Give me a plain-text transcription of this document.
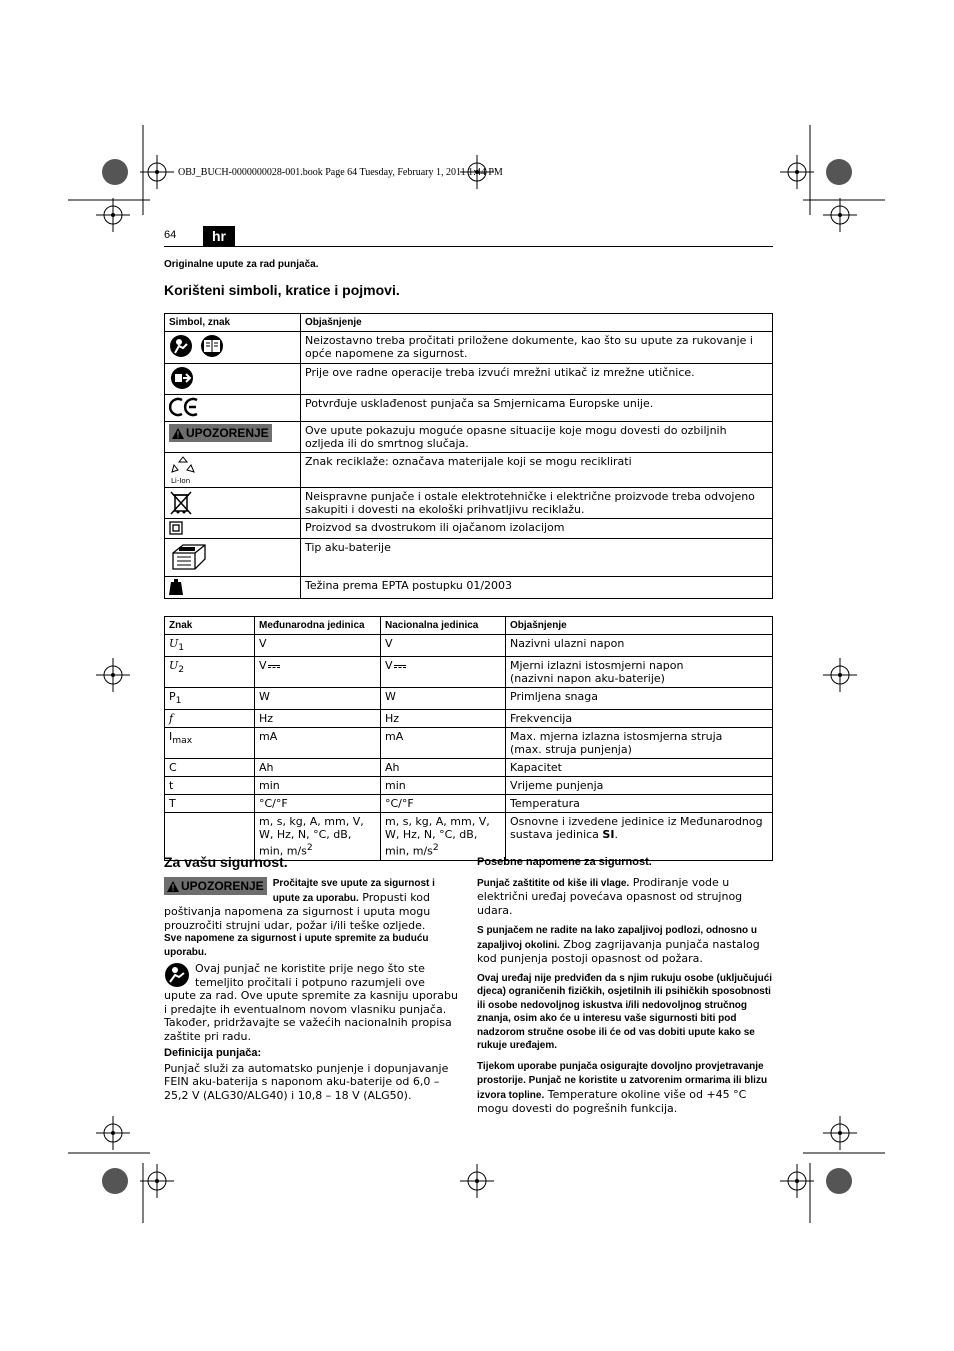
OBJ_BUCH-0000000028-001.book Page 64 Tuesday, February 1, 2011 1:44 PM
64	hr
Originalne upute za rad punjača.
Korišteni simboli, kratice i pojmovi.
Simbol, znak	Objašnjenje

	Neizostavno treba pročitati priložene dokumente, kao što su upute za rukovanje i opće napomene za sigurnost.

	Prije ove radne operacije treba izvući mrežni utikač iz mrežne utičnice.

	Potvrđuje usklađenost punjača sa Smjernicama Europske unije.

UPOZORENJE	Ove upute pokazuju moguće opasne situacije koje mogu dovesti do ozbiljnih ozljeda ili do smrtnog slučaja.

Li-Ion	Znak reciklaže: označava materijale koji se mogu reciklirati

	Neispravne punjače i ostale elektrotehničke i električne proizvode treba odvojeno sakupiti i dovesti na ekološki prihvatljivu reciklažu.

	Proizvod sa dvostrukom ili ojačanom izolacijom

	Tip aku-baterije

	Težina prema EPTA postupku 01/2003
Znak	Međunarodna jedinica	Nacionalna jedinica	Objašnjenje
$U_1$	V	V	Nazivni ulazni napon
$U_2$	V	V	Mjerni izlazni istosmjerni napon
(nazivni napon aku-baterije)

$P_1$	W	W	Primljena snaga
f	Hz	Hz	Frekvencija
$I_{max}$	mA	mA	Max. mjerna izlazna istosmjerna struja
(max. struja punjenja)

C	Ah	Ah	Kapacitet
t	min	min	Vrijeme punjenja
T	°C/°F	°C/°F	Temperatura
	m, s, kg, A, mm, V, W, Hz, N, °C, dB, min, $m/s^2$	m, s, kg, A, mm, V, W, Hz, N, °C, dB, min, $m/s^2$	Osnovne i izvedene jedinice iz Međunarodnog sustava jedinica SI.
Za vašu sigurnost.
UPOZORENJE Pročitajte sve upute za sigurnost i upute za uporabu. Propusti kod poštivanja napomena za sigurnost i uputa mogu prouzročiti strujni udar, požar i/ili teške ozljede.

Sve napomene za sigurnost i upute spremite za buduću uporabu.

Ovaj punjač ne koristite prije nego što ste temeljito pročitali i potpuno razumjeli ove upute za rad. Ove upute spremite za kasniju uporabu i predajte ih eventualnom novom vlasniku punjača.

Također, pridržavajte se važećih nacionalnih propisa zaštite pri radu.

Definicija punjača:

Punjač služi za automatsko punjenje i dopunjavanje FEIN aku-baterija s naponom aku-baterije od 6,0 – 25,2 V (ALG30/ALG40) i 10,8 – 18 V (ALG50).

Posebne napomene za sigurnost.

Punjač zaštitite od kiše ili vlage. Prodiranje vode u električni uređaj povećava opasnost od strujnog udara.

S punjačem ne radite na lako zapaljivoj podlozi, odnosno u zapaljivoj okolini. Zbog zagrijavanja punjača nastalog kod punjenja postoji opasnost od požara.

Ovaj uređaj nije predviđen da s njim rukuju osobe (uključujući djeca) ograničenih fizičkih, osjetilnih ili psihičkih sposobnosti ili osobe nedovoljnog iskustva i/ili nedovoljnog stručnog znanja, osim ako će u interesu vaše sigurnosti biti pod nadzorom stručne osobe ili će od vas dobiti upute kako se rukuje uređajem.

Tijekom uporabe punjača osigurajte dovoljno provjetravanje prostorije. Punjač ne koristite u zatvorenim ormarima ili blizu izvora topline. Temperature okoline više od +45 °C mogu dovesti do pogrešnih funkcija.
